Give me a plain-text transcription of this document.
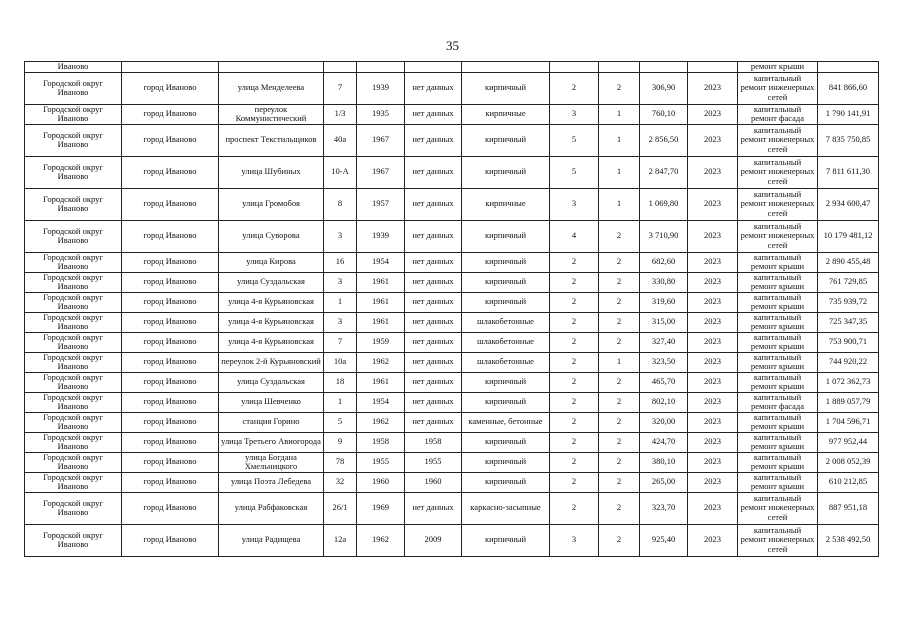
35
Иваново											ремонт крыши	
Городской округ Иваново	город Иваново	улица Менделеева	7	1939	нет данных	кирпичный	2	2	306,90	2023	капитальный ремонт инженерных сетей	841 866,60
Городской округ Иваново	город Иваново	переулок Коммунистический	1/3	1935	нет данных	кирпичные	3	1	760,10	2023	капитальный ремонт фасада	1 790 141,91
Городской округ Иваново	город Иваново	проспект Текстильщиков	40а	1967	нет данных	кирпичный	5	1	2 856,50	2023	капитальный ремонт инженерных сетей	7 835 750,85
Городской округ Иваново	город Иваново	улица Шубиных	10-А	1967	нет данных	кирпичный	5	1	2 847,70	2023	капитальный ремонт инженерных сетей	7 811 611,30
Городской округ Иваново	город Иваново	улица Громобоя	8	1957	нет данных	кирпичные	3	1	1 069,80	2023	капитальный ремонт инженерных сетей	2 934 600,47
Городской округ Иваново	город Иваново	улица Суворова	3	1939	нет данных	кирпичный	4	2	3 710,90	2023	капитальный ремонт инженерных сетей	10 179 481,12
Городской округ Иваново	город Иваново	улица Кирова	16	1954	нет данных	кирпичный	2	2	682,60	2023	капитальный ремонт крыши	2 890 455,48
Городской округ Иваново	город Иваново	улица Суздальская	3	1961	нет данных	кирпичный	2	2	330,80	2023	капитальный ремонт крыши	761 729,85
Городской округ Иваново	город Иваново	улица 4-я Курьяновская	1	1961	нет данных	кирпичный	2	2	319,60	2023	капитальный ремонт крыши	735 939,72
Городской округ Иваново	город Иваново	улица 4-я Курьяновская	3	1961	нет данных	шлакобетонные	2	2	315,00	2023	капитальный ремонт крыши	725 347,35
Городской округ Иваново	город Иваново	улица 4-я Курьяновская	7	1959	нет данных	шлакобетонные	2	2	327,40	2023	капитальный ремонт крыши	753 900,71
Городской округ Иваново	город Иваново	переулок 2-й Курьяновский	10а	1962	нет данных	шлакобетонные	2	1	323,50	2023	капитальный ремонт крыши	744 920,22
Городской округ Иваново	город Иваново	улица Суздальская	18	1961	нет данных	кирпичный	2	2	465,70	2023	капитальный ремонт крыши	1 072 362,73
Городской округ Иваново	город Иваново	улица Шевченко	1	1954	нет данных	кирпичный	2	2	802,10	2023	капитальный ремонт фасада	1 889 057,79
Городской округ Иваново	город Иваново	станция Горино	5	1962	нет данных	каменные, бетонные	2	2	320,00	2023	капитальный ремонт крыши	1 704 596,71
Городской округ Иваново	город Иваново	улица Третьего Авиогорода	9	1958	1958	кирпичный	2	2	424,70	2023	капитальный ремонт крыши	977 952,44
Городской округ Иваново	город Иваново	улица Богдана Хмельницкого	78	1955	1955	кирпичный	2	2	380,10	2023	капитальный ремонт крыши	2 008 052,39
Городской округ Иваново	город Иваново	улица Поэта Лебедева	32	1960	1960	кирпичный	2	2	265,00	2023	капитальный ремонт крыши	610 212,85
Городской округ Иваново	город Иваново	улица Рабфаковская	26/1	1969	нет данных	каркасно-засыпные	2	2	323,70	2023	капитальный ремонт инженерных сетей	887 951,18
Городской округ Иваново	город Иваново	улица Радищева	12а	1962	2009	кирпичный	3	2	925,40	2023	капитальный ремонт инженерных сетей	2 538 492,50
